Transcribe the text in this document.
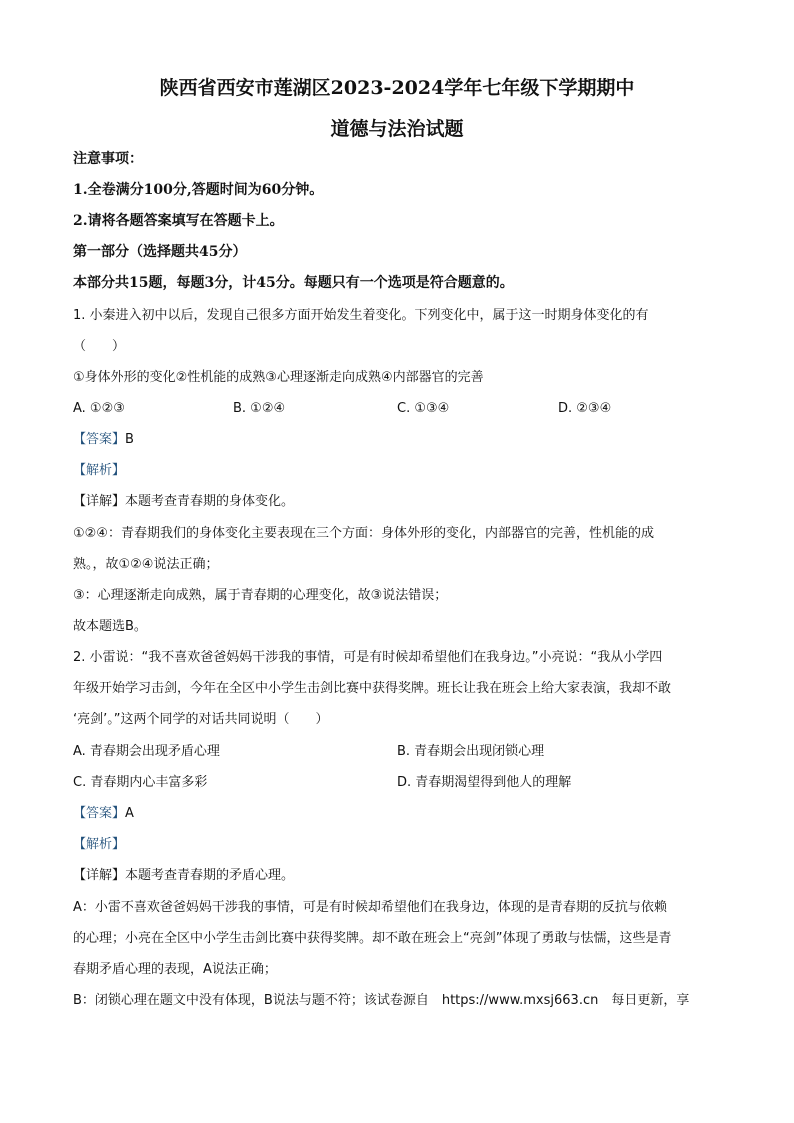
陕西省西安市莲湖区2023-2024学年七年级下学期期中
道德与法治试题
注意事项：
1.全卷满分100分,答题时间为60分钟。
2.请将各题答案填写在答题卡上。
第一部分（选择题共45分）
本部分共15题，每题3分，计45分。每题只有一个选项是符合题意的。
1. 小秦进入初中以后，发现自己很多方面开始发生着变化。下列变化中，属于这一时期身体变化的有
（　　）
①身体外形的变化②性机能的成熟③心理逐渐走向成熟④内部器官的完善
A. ①②③	B. ①②④	C. ①③④	D. ②③④
【答案】B
【解析】
【详解】本题考查青春期的身体变化。
①②④：青春期我们的身体变化主要表现在三个方面：身体外形的变化，内部器官的完善，性机能的成
熟。，故①②④说法正确；
③：心理逐渐走向成熟，属于青春期的心理变化，故③说法错误；
故本题选B。
2. 小雷说：“我不喜欢爸爸妈妈干涉我的事情，可是有时候却希望他们在我身边。”小亮说：“我从小学四
年级开始学习击剑，今年在全区中小学生击剑比赛中获得奖牌。班长让我在班会上给大家表演，我却不敢
‘亮剑’。”这两个同学的对话共同说明（　　）
A. 青春期会出现矛盾心理	B. 青春期会出现闭锁心理
C. 青春期内心丰富多彩	D. 青春期渴望得到他人的理解
【答案】A
【解析】
【详解】本题考查青春期的矛盾心理。
A：小雷不喜欢爸爸妈妈干涉我的事情，可是有时候却希望他们在我身边，体现的是青春期的反抗与依赖
的心理；小亮在全区中小学生击剑比赛中获得奖牌。却不敢在班会上“亮剑”体现了勇敢与怯懦，这些是青
春期矛盾心理的表现，A说法正确；
B：闭锁心理在题文中没有体现，B说法与题不符；该试卷源自　https://www.mxsj663.cn　每日更新，享
